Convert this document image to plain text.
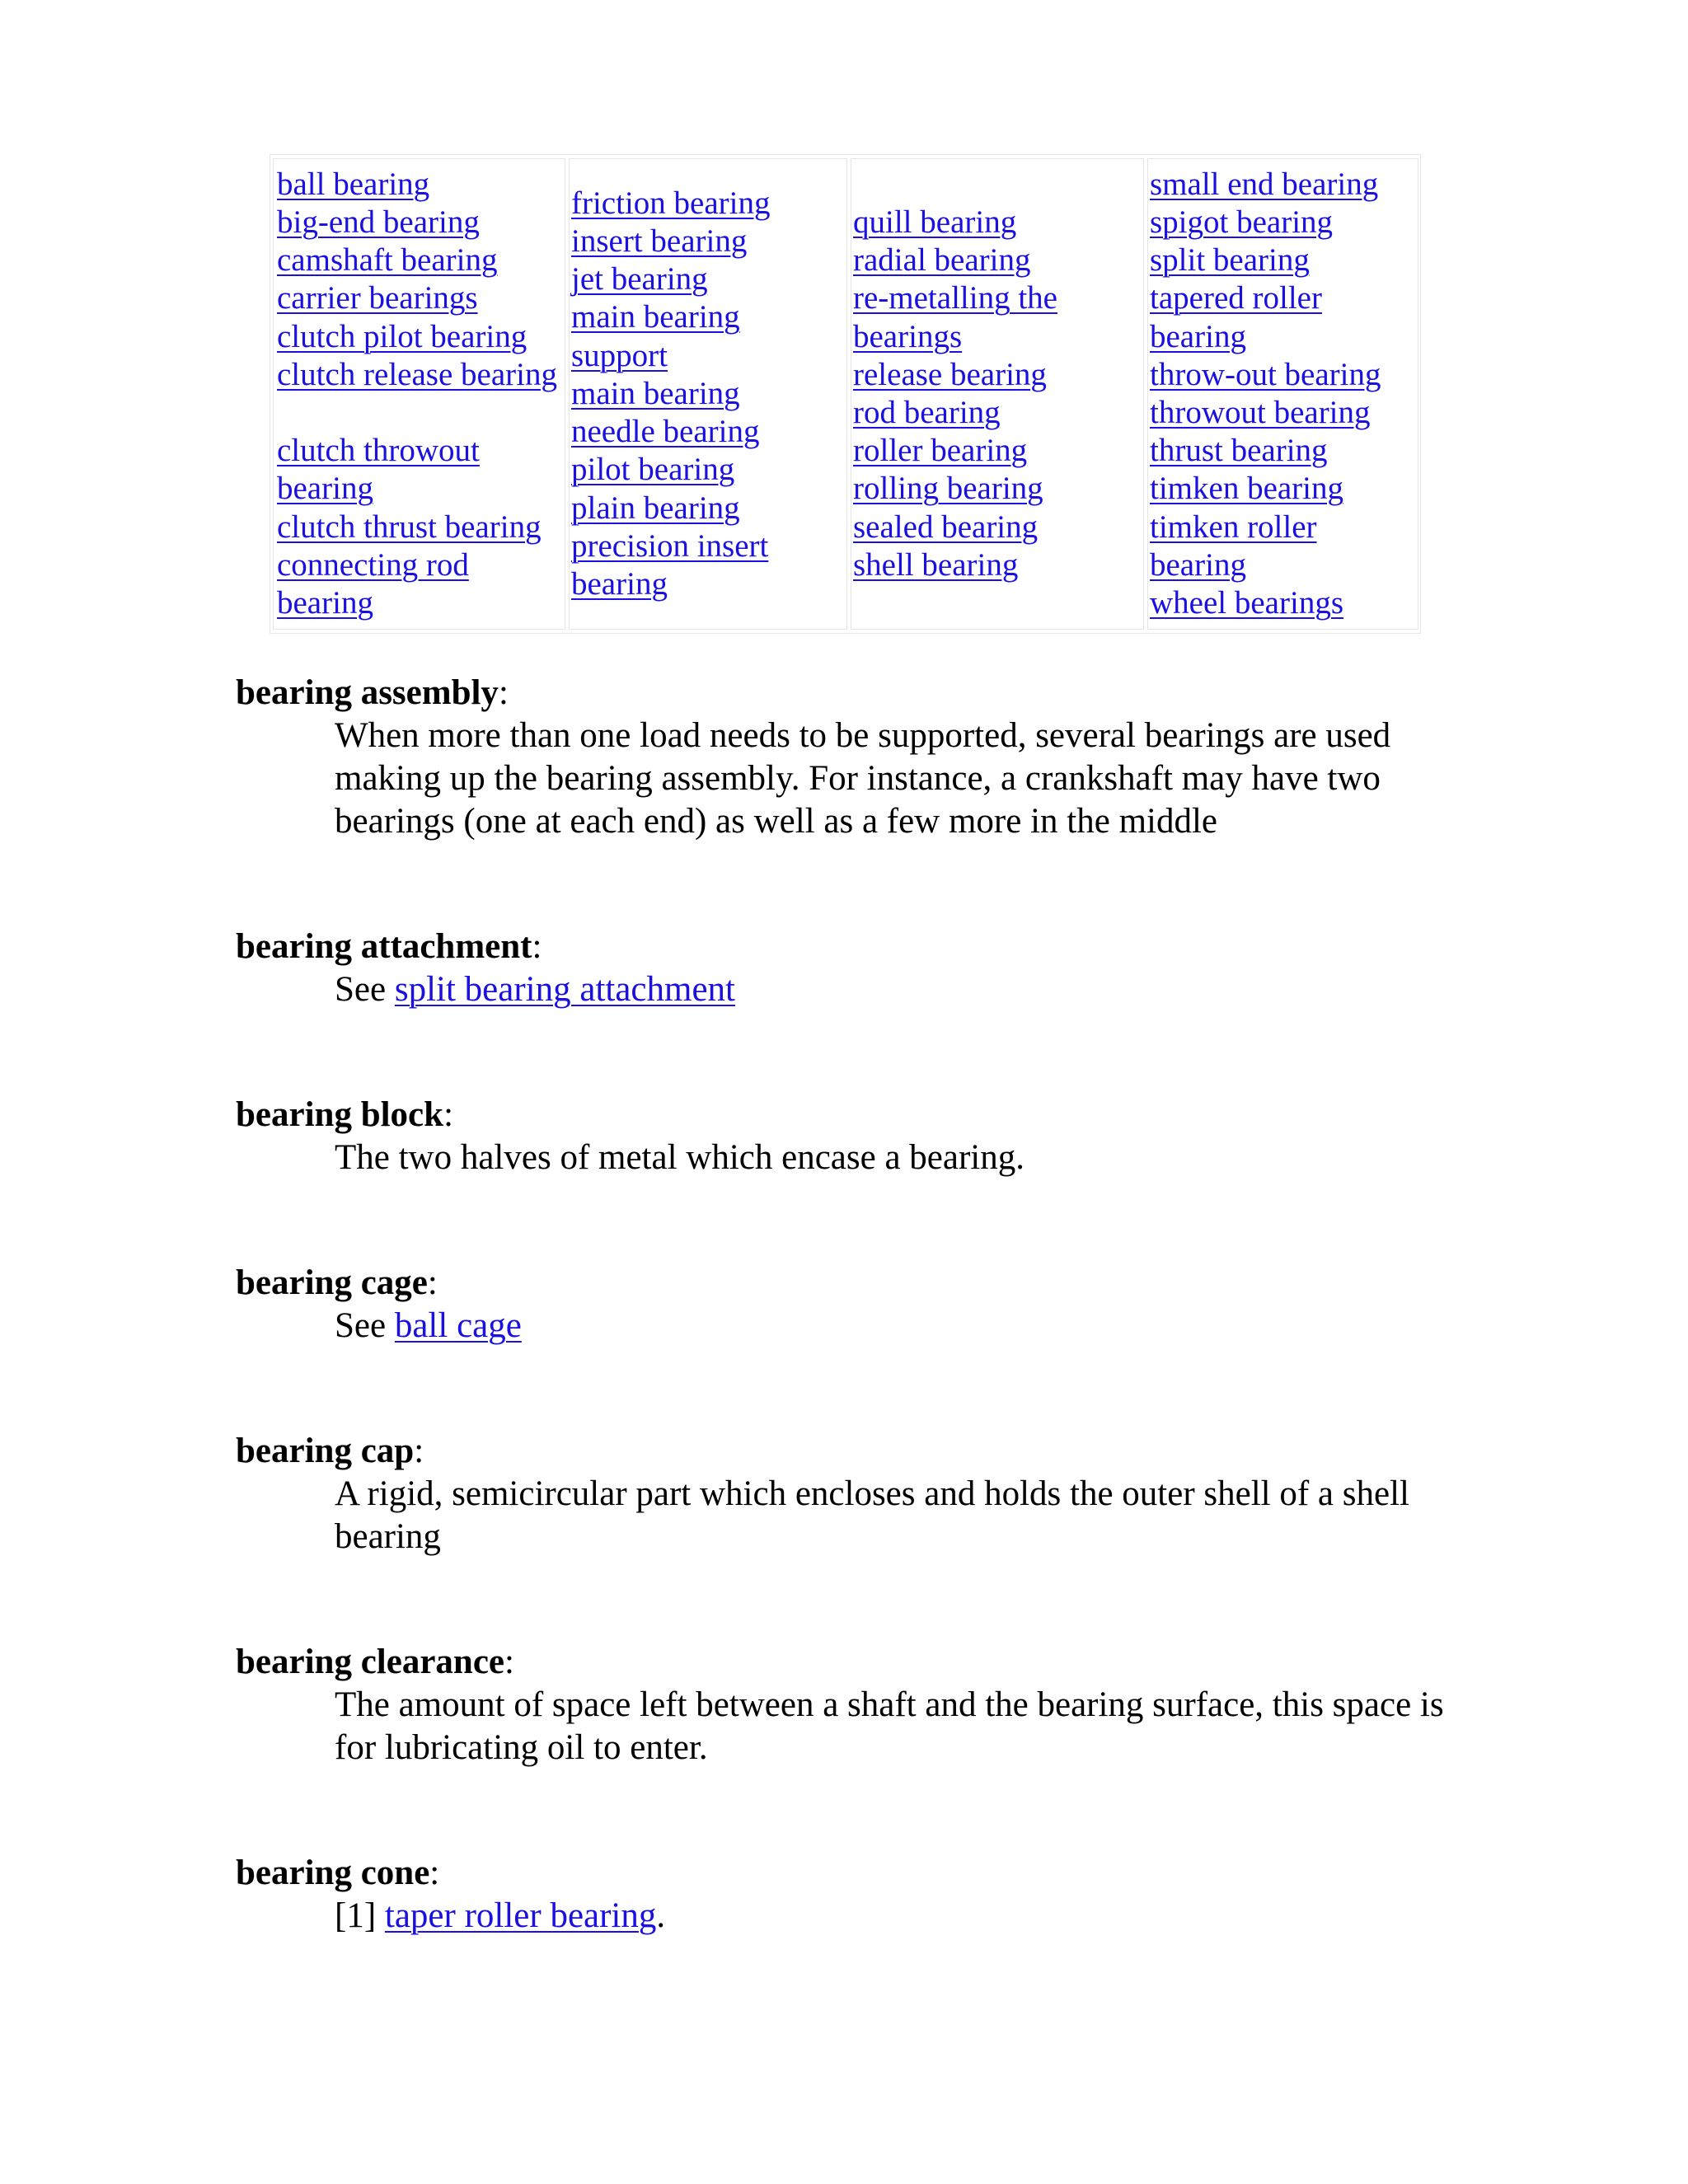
ball bearing
big-end bearing
camshaft bearing
carrier bearings
clutch pilot bearing
clutch release bearing
clutch throwout
bearing
clutch thrust bearing
connecting rod
bearing
friction bearing
insert bearing
jet bearing
main bearing
support
main bearing
needle bearing
pilot bearing
plain bearing
precision insert
bearing
quill bearing
radial bearing
re-metalling the
bearings
release bearing
rod bearing
roller bearing
rolling bearing
sealed bearing
shell bearing
small end bearing
spigot bearing
split bearing
tapered roller
bearing
throw-out bearing
throwout bearing
thrust bearing
timken bearing
timken roller
bearing
wheel bearings
bearing assembly:
When more than one load needs to be supported, several bearings are used making up the bearing assembly. For instance, a crankshaft may have two bearings (one at each end) as well as a few more in the middle
bearing attachment:
See split bearing attachment
bearing block:
The two halves of metal which encase a bearing.
bearing cage:
See ball cage
bearing cap:
A rigid, semicircular part which encloses and holds the outer shell of a shell bearing
bearing clearance:
The amount of space left between a shaft and the bearing surface, this space is for lubricating oil to enter.
bearing cone:
[1] taper roller bearing.
